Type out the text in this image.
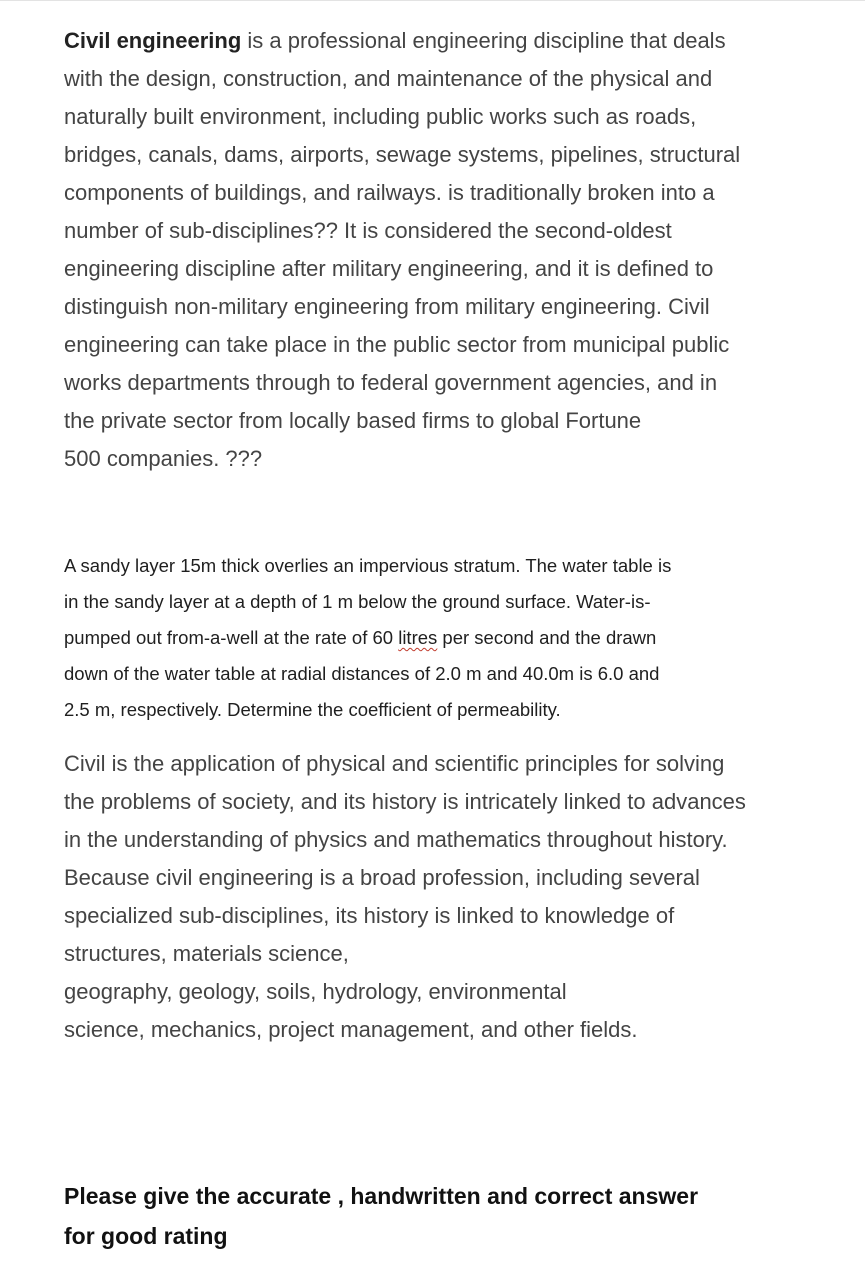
Civil engineering is a professional engineering discipline that deals
with the design, construction, and maintenance of the physical and
naturally built environment, including public works such as roads,
bridges, canals, dams, airports, sewage systems, pipelines, structural
components of buildings, and railways. is traditionally broken into a
number of sub-disciplines?? It is considered the second-oldest
engineering discipline after military engineering, and it is defined to
distinguish non-military engineering from military engineering. Civil
engineering can take place in the public sector from municipal public
works departments through to federal government agencies, and in
the private sector from locally based firms to global Fortune
500 companies. ???

A sandy layer 15m thick overlies an impervious stratum. The water table is
in the sandy layer at a depth of 1 m below the ground surface. Water-is-
pumped out from-a-well at the rate of 60 litres per second and the drawn
down of the water table at radial distances of 2.0 m and 40.0m is 6.0 and
2.5 m, respectively. Determine the coefficient of permeability.

Civil is the application of physical and scientific principles for solving
the problems of society, and its history is intricately linked to advances
in the understanding of physics and mathematics throughout history.
Because civil engineering is a broad profession, including several
specialized sub-disciplines, its history is linked to knowledge of
structures, materials science,
geography, geology, soils, hydrology, environmental
science, mechanics, project management, and other fields.

Please give the accurate , handwritten and correct answer
for good rating
